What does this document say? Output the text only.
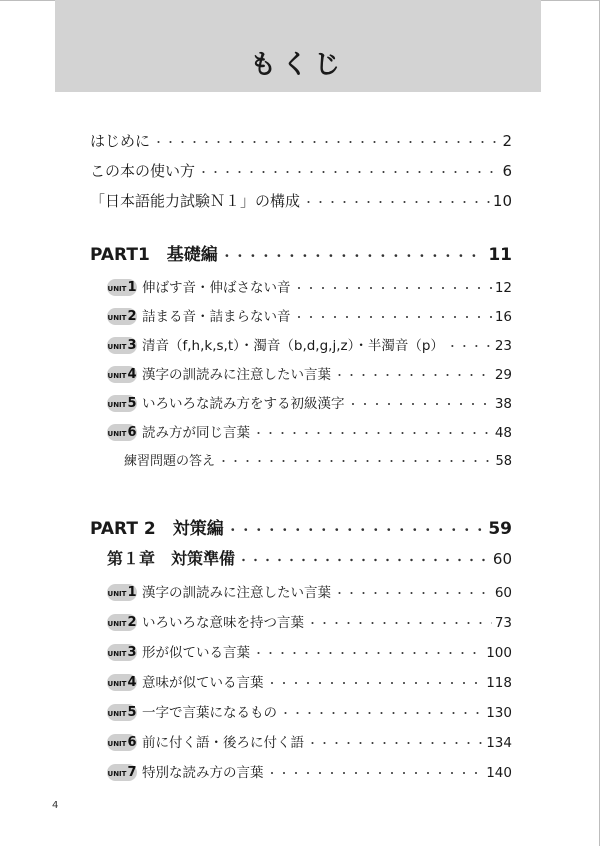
もくじ
はじめに ・・・・・・・・・・・・・・・・・・・・・・・・・・・・・・・・・・・・・・・・・・・・・・・・・・・・・・・・・・・・・・・・・・・・・・・・	2
この本の使い方 ・・・・・・・・・・・・・・・・・・・・・・・・・・・・・・・・・・・・・・・・・・・・・・・・・・・・・・・・・・・・・・・・・・・・・・・・	6
「日本語能力試験Ｎ１」の構成 ・・・・・・・・・・・・・・・・・・・・・・・・・・・・・・・・・・・・・・・・・・・・・・・・・・・・・・・・・・・・・・・・・・・・・・・・	10
PART1　基礎編 ・・・・・・・・・・・・・・・・・・・・・・・・・・・・・・・・・・・・・・・・・・・・・・・・・・・・・・・・・・・・・・・・・・・・・・・・	11
UNIT1 伸ばす音・伸ばさない音 ・・・・・・・・・・・・・・・・・・・・・・・・・・・・・・・・・・・・・・・・・・・・・・・・・・・・・・・・・・・・・・・・・・・・・・・・	12
UNIT2 詰まる音・詰まらない音 ・・・・・・・・・・・・・・・・・・・・・・・・・・・・・・・・・・・・・・・・・・・・・・・・・・・・・・・・・・・・・・・・・・・・・・・・	16
UNIT3 清音（f,h,k,s,t）・濁音（b,d,g,j,z）・半濁音（p） ・・・・・・・・・・・・・・・・・・・・・・・・・・・・・・・・・・・・・・・・・・・・・・・・・・・・・・・・・・・・・・・・・・・・・・・・	23
UNIT4 漢字の訓読みに注意したい言葉 ・・・・・・・・・・・・・・・・・・・・・・・・・・・・・・・・・・・・・・・・・・・・・・・・・・・・・・・・・・・・・・・・・・・・・・・・	29
UNIT5 いろいろな読み方をする初級漢字 ・・・・・・・・・・・・・・・・・・・・・・・・・・・・・・・・・・・・・・・・・・・・・・・・・・・・・・・・・・・・・・・・・・・・・・・・	38
UNIT6 読み方が同じ言葉 ・・・・・・・・・・・・・・・・・・・・・・・・・・・・・・・・・・・・・・・・・・・・・・・・・・・・・・・・・・・・・・・・・・・・・・・・	48
練習問題の答え ・・・・・・・・・・・・・・・・・・・・・・・・・・・・・・・・・・・・・・・・・・・・・・・・・・・・・・・・・・・・・・・・・・・・・・・・	58
PART 2　対策編 ・・・・・・・・・・・・・・・・・・・・・・・・・・・・・・・・・・・・・・・・・・・・・・・・・・・・・・・・・・・・・・・・・・・・・・・・	59
第１章　対策準備 ・・・・・・・・・・・・・・・・・・・・・・・・・・・・・・・・・・・・・・・・・・・・・・・・・・・・・・・・・・・・・・・・・・・・・・・・	60
UNIT1 漢字の訓読みに注意したい言葉 ・・・・・・・・・・・・・・・・・・・・・・・・・・・・・・・・・・・・・・・・・・・・・・・・・・・・・・・・・・・・・・・・・・・・・・・・	60
UNIT2 いろいろな意味を持つ言葉 ・・・・・・・・・・・・・・・・・・・・・・・・・・・・・・・・・・・・・・・・・・・・・・・・・・・・・・・・・・・・・・・・・・・・・・・・	73
UNIT3 形が似ている言葉 ・・・・・・・・・・・・・・・・・・・・・・・・・・・・・・・・・・・・・・・・・・・・・・・・・・・・・・・・・・・・・・・・・・・・・・・・	100
UNIT4 意味が似ている言葉 ・・・・・・・・・・・・・・・・・・・・・・・・・・・・・・・・・・・・・・・・・・・・・・・・・・・・・・・・・・・・・・・・・・・・・・・・	118
UNIT5 一字で言葉になるもの ・・・・・・・・・・・・・・・・・・・・・・・・・・・・・・・・・・・・・・・・・・・・・・・・・・・・・・・・・・・・・・・・・・・・・・・・	130
UNIT6 前に付く語・後ろに付く語 ・・・・・・・・・・・・・・・・・・・・・・・・・・・・・・・・・・・・・・・・・・・・・・・・・・・・・・・・・・・・・・・・・・・・・・・・	134
UNIT7 特別な読み方の言葉 ・・・・・・・・・・・・・・・・・・・・・・・・・・・・・・・・・・・・・・・・・・・・・・・・・・・・・・・・・・・・・・・・・・・・・・・・	140
4
